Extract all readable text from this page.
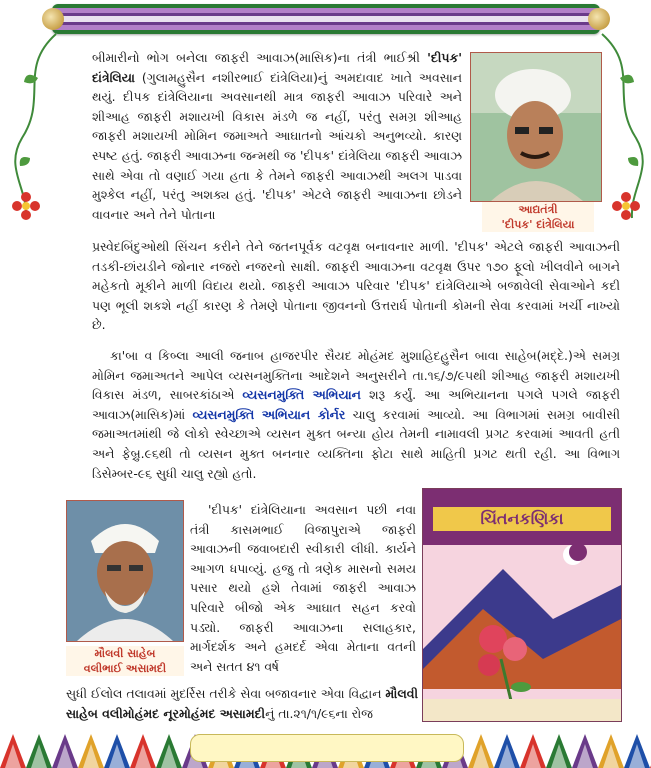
આદ્યતંત્રી
'દીપક' દાંત્રેલિયા

બીમારીનો ભોગ બનેલા જાફરી આવાઝ(માસિક)ના તંત્રી ભાઈશ્રી 'દીપક' દાંત્રેલિયા (ગુલામહુસૈન નશીરભાઈ દાંત્રેલિયા)નું અમદાવાદ ખાતે અવસાન થયું. દીપક દાંત્રેલિયાના અવસાનથી માત્ર જાફરી આવાઝ પરિવારે અને શીઆહ જાફરી મશાયખી વિકાસ મંડળે જ નહીં, પરંતુ સમગ્ર શીઆહ જાફરી મશાયખી મોમિન જમાઅતે આઘાતનો આંચકો અનુભવ્યો. કારણ સ્પષ્ટ હતું. જાફરી આવાઝના જન્મથી જ 'દીપક' દાંત્રેલિયા જાફરી આવાઝ સાથે એવા તો વણાઈ ગયા હતા કે તેમને જાફરી આવાઝથી અલગ પાડવા મુશ્કેલ નહીં, પરંતુ અશક્ય હતું. 'દીપક' એટલે જાફરી આવાઝના છોડને વાવનાર અને તેને પોતાના

મૌલવી સાહેબ
વલીભાઈ અસામદી
ચિંતનકણિકા

પ્રસ્વેદબિંદુઓથી સિંચન કરીને તેને જતનપૂર્વક વટવૃક્ષ બનાવનાર માળી. 'દીપક' એટલે જાફરી આવાઝની તડકી-છાંયડીને જોનાર નજરો નજરનો સાક્ષી. જાફરી આવાઝના વટવૃક્ષ ઉપર ૧૭૦ ફૂલો ખીલવીને બાગને મહેકતો મૂકીને માળી વિદાય થયો. જાફરી આવાઝ પરિવાર 'દીપક' દાંત્રેલિયાએ બજાવેલી સેવાઓને કદી પણ ભૂલી શકશે નહીં કારણ કે તેમણે પોતાના જીવનનો ઉત્તરાર્ધ પોતાની કોમની સેવા કરવામાં ખર્ચી નાખ્યો છે.

કા'બા વ કિબ્લા આલી જનાબ હાજરપીર સૈયદ મોહંમદ મુશાહિદહુસૈન બાવા સાહેબ(મદ્દે.)એ સમગ્ર મોમિન જમાઅતને આપેલ વ્યસનમુક્તિના આદેશને અનુસરીને તા.૧૬/૭/૯૫થી શીઆહ જાફરી મશાયખી વિકાસ મંડળ, સાબરકાંઠાએ વ્યસનમુક્તિ અભિયાન શરૂ કર્યું. આ અભિયાનના પગલે પગલે જાફરી આવાઝ(માસિક)માં વ્યસનમુક્તિ અભિયાન કોર્નર ચાલુ કરવામાં આવ્યો. આ વિભાગમાં સમગ્ર બાવીસી જમાઅતમાંથી જે લોકો સ્વેચ્છાએ વ્યસન મુક્ત બન્યા હોય તેમની નામાવલી પ્રગટ કરવામાં આવતી હતી અને ફેબ્રુ.૯૬થી તો વ્યસન મુક્ત બનનાર વ્યક્તિના ફોટા સાથે માહિતી પ્રગટ થતી રહી. આ વિભાગ ડિસેમ્બર-૯૬ સુધી ચાલુ રહ્યો હતો.

'દીપક' દાંત્રેલિયાના અવસાન પછી નવા તંત્રી કાસમભાઈ વિજાપુરાએ જાફરી આવાઝની જવાબદારી સ્વીકારી લીધી. કાર્યને આગળ ધપાવ્યું. હજુ તો ત્રણેક માસનો સમય પસાર થયો હશે તેવામાં જાફરી આવાઝ પરિવારે બીજો એક આઘાત સહન કરવો પડ્યો. જાફરી આવાઝના સલાહકાર, માર્ગદર્શક અને હમદર્દ એવા મેતાના વતની અને સતત ૪૧ વર્ષ

સુધી ઈલોલ તલાવમાં મુદર્રિસ તરીકે સેવા બજાવનાર એવા વિદ્વાન મૌલવી સાહેબ વલીમોહંમદ નૂરમોહંમદ અસામદીનું તા.૨૧/૧/૯૬ના રોજ
